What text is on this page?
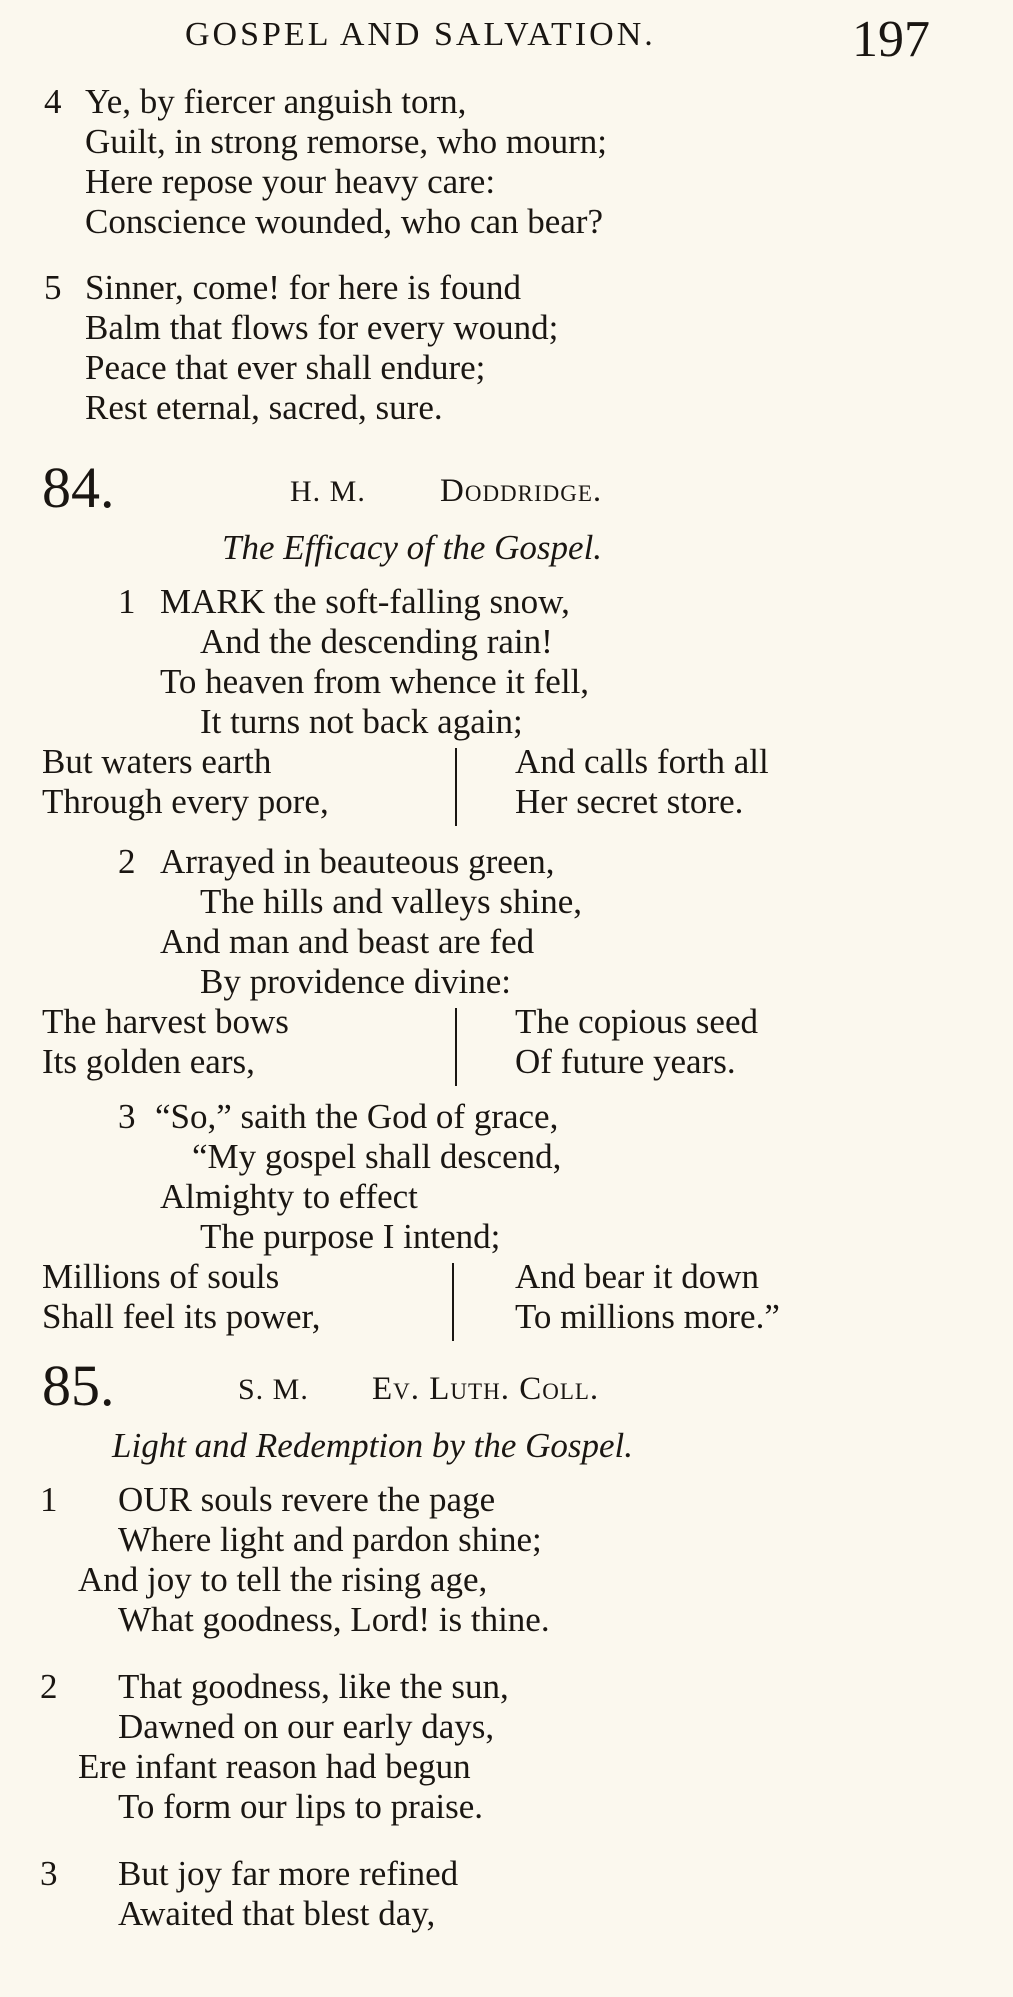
GOSPEL AND SALVATION.	197
4 Ye, by fiercer anguish torn,
Guilt, in strong remorse, who mourn;
Here repose your heavy care:
Conscience wounded, who can bear?
5 Sinner, come! for here is found
Balm that flows for every wound;
Peace that ever shall endure;
Rest eternal, sacred, sure.
84.	H. M. Doddridge.
The Efficacy of the Gospel.
1 MARK the soft-falling snow,
And the descending rain!
To heaven from whence it fell,
It turns not back again;
But waters earth
Through every pore,
And calls forth all
Her secret store.
2 Arrayed in beauteous green,
The hills and valleys shine,
And man and beast are fed
By providence divine:
The harvest bows
Its golden ears,
The copious seed
Of future years.
3 “So,” saith the God of grace,
“My gospel shall descend,
Almighty to effect
The purpose I intend;
Millions of souls
Shall feel its power,
And bear it down
To millions more.”
85.	S. M. Ev. Luth. Coll.
Light and Redemption by the Gospel.
1 OUR souls revere the page
Where light and pardon shine;
And joy to tell the rising age,
What goodness, Lord! is thine.
2 That goodness, like the sun,
Dawned on our early days,
Ere infant reason had begun
To form our lips to praise.
3 But joy far more refined
Awaited that blest day,
